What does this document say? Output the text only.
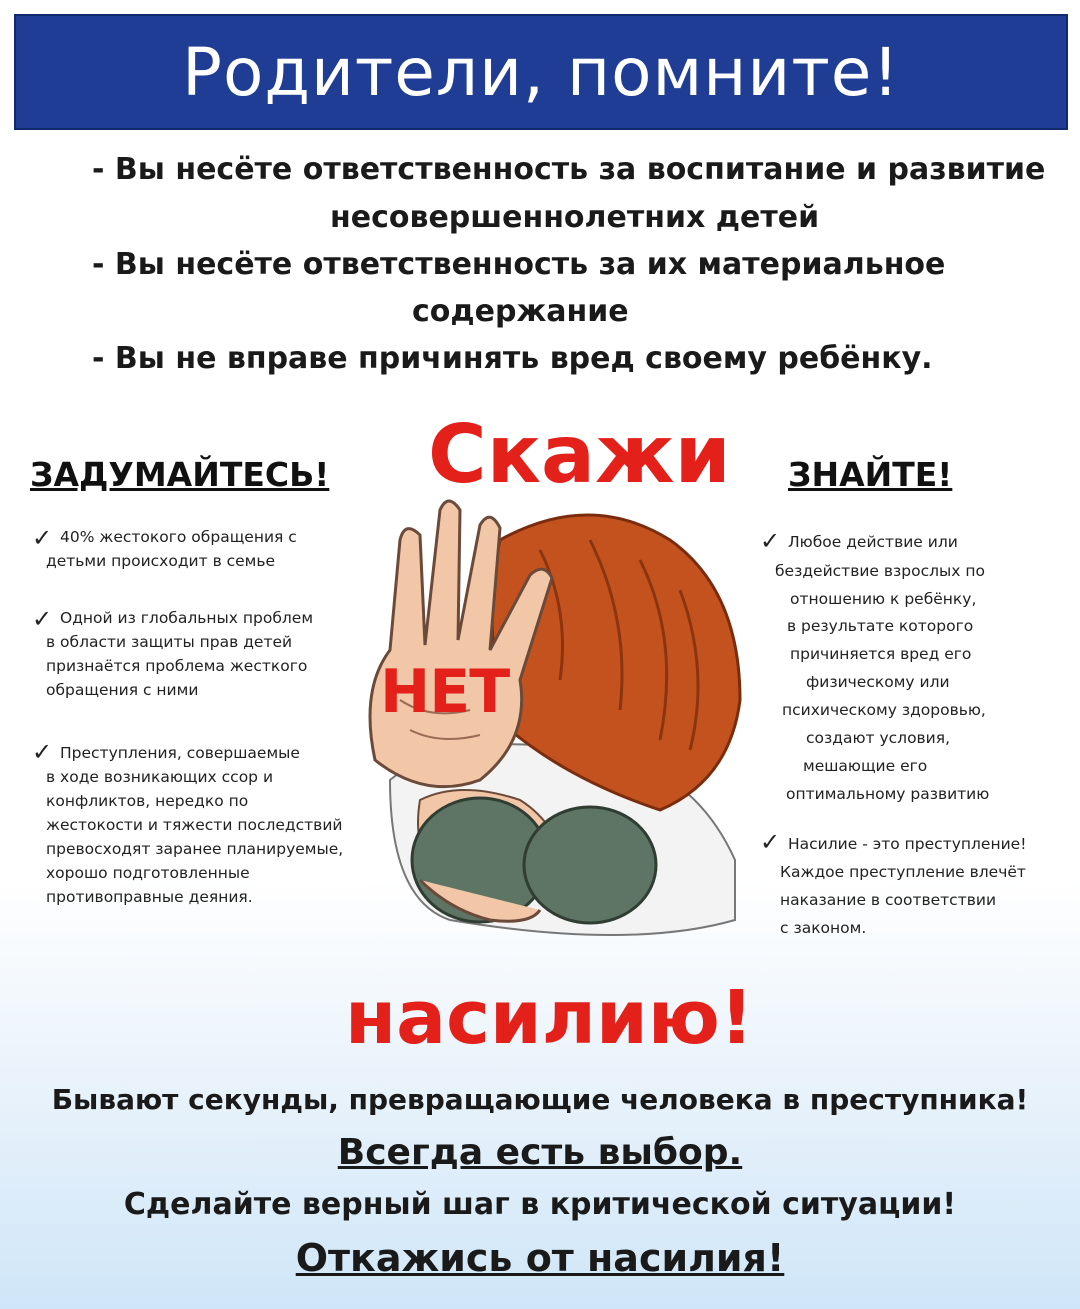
Родители, помните!
- Вы несёте ответственность за воспитание и развитие
несовершеннолетних детей
- Вы несёте ответственность за их материальное
содержание
- Вы не вправе причинять вред своему ребёнку.
ЗАДУМАЙТЕСЬ!	ЗНАЙТЕ!
Скажи
НЕТ
насилию!
✓ 40% жестокого обращения с
детьми происходит в семье
✓ Одной из глобальных проблем
в области защиты прав детей
признаётся проблема жесткого
обращения с ними
✓ Преступления, совершаемые
в ходе возникающих ссор и
конфликтов, нередко по
жестокости и тяжести последствий
превосходят заранее планируемые,
хорошо подготовленные
противоправные деяния.
✓ Любое действие или
бездействие взрослых по
отношению к ребёнку,
в результате которого
причиняется вред его
физическому или
психическому здоровью,
создают условия,
мешающие его
оптимальному развитию
✓ Насилие - это преступление!
Каждое преступление влечёт
наказание в соответствии
с законом.
Бывают секунды, превращающие человека в преступника!
Всегда есть выбор.
Сделайте верный шаг в критической ситуации!
Откажись от насилия!
